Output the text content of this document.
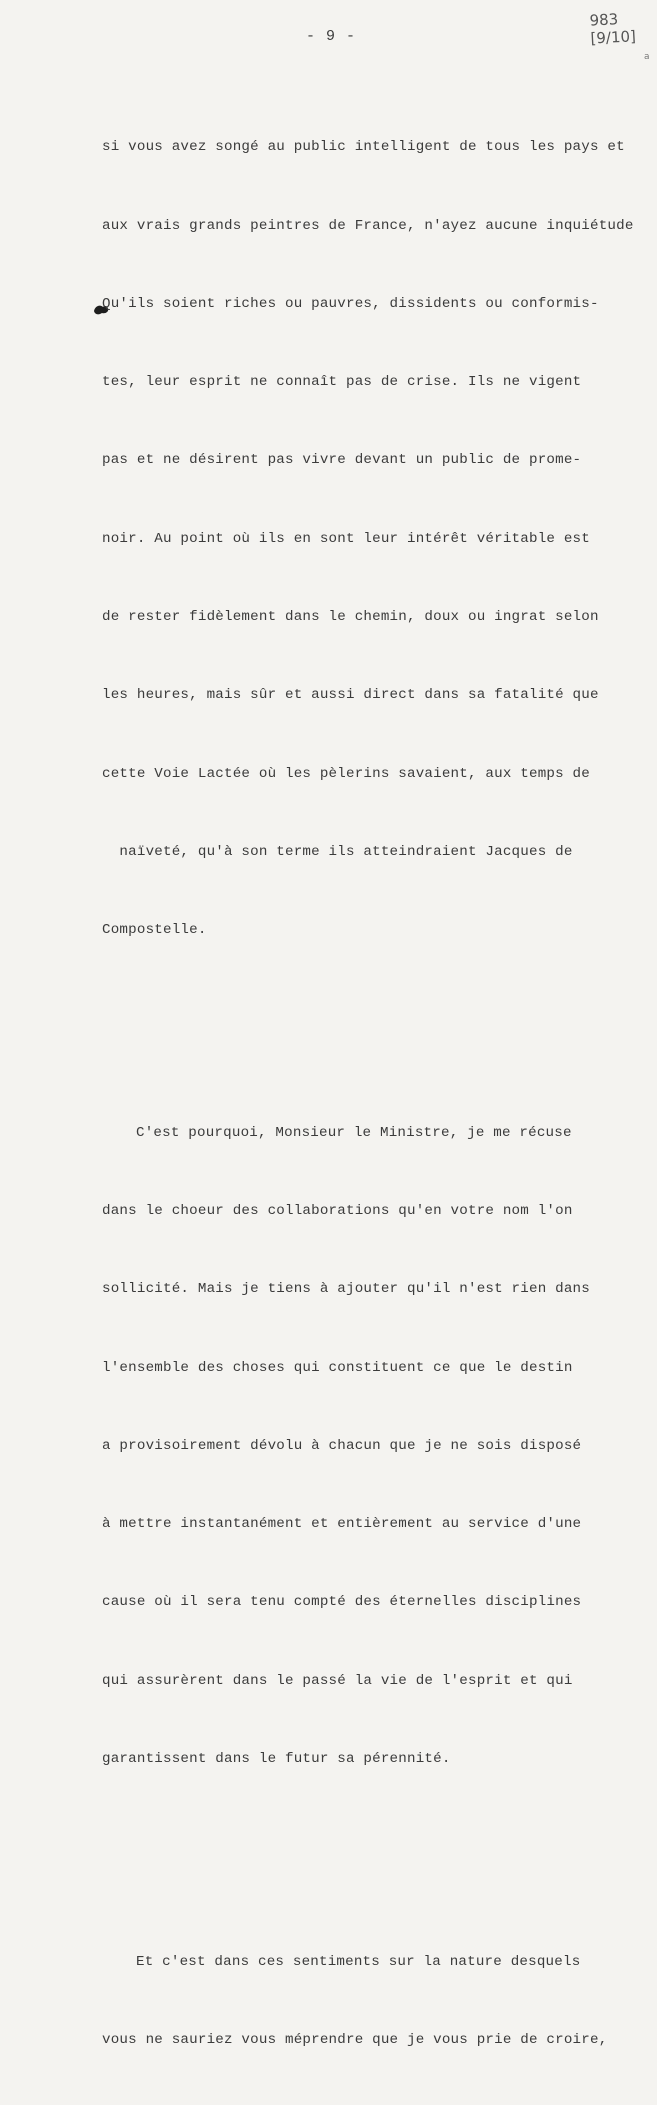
- 9 -
983
[9/10]
a

si vous avez songé au public intelligent de tous les pays et

aux vrais grands peintres de France, n'ayez aucune inquiétude

Qu'ils soient riches ou pauvres, dissidents ou conformis-

tes, leur esprit ne connaît pas de crise. Ils ne vigent

pas et ne désirent pas vivre devant un public de prome-

noir. Au point où ils en sont leur intérêt véritable est

de rester fidèlement dans le chemin, doux ou ingrat selon

les heures, mais sûr et aussi direct dans sa fatalité que

cette Voie Lactée où les pèlerins savaient, aux temps de

naïveté, qu'à son terme ils atteindraient Jacques de

Compostelle.

C'est pourquoi, Monsieur le Ministre, je me récuse

dans le choeur des collaborations qu'en votre nom l'on

sollicité. Mais je tiens à ajouter qu'il n'est rien dans

l'ensemble des choses qui constituent ce que le destin

a provisoirement dévolu à chacun que je ne sois disposé

à mettre instantanément et entièrement au service d'une

cause où il sera tenu compté des éternelles disciplines

qui assurèrent dans le passé la vie de l'esprit et qui

garantissent dans le futur sa pérennité.

Et c'est dans ces sentiments sur la nature desquels

vous ne sauriez vous méprendre que je vous prie de croire,
